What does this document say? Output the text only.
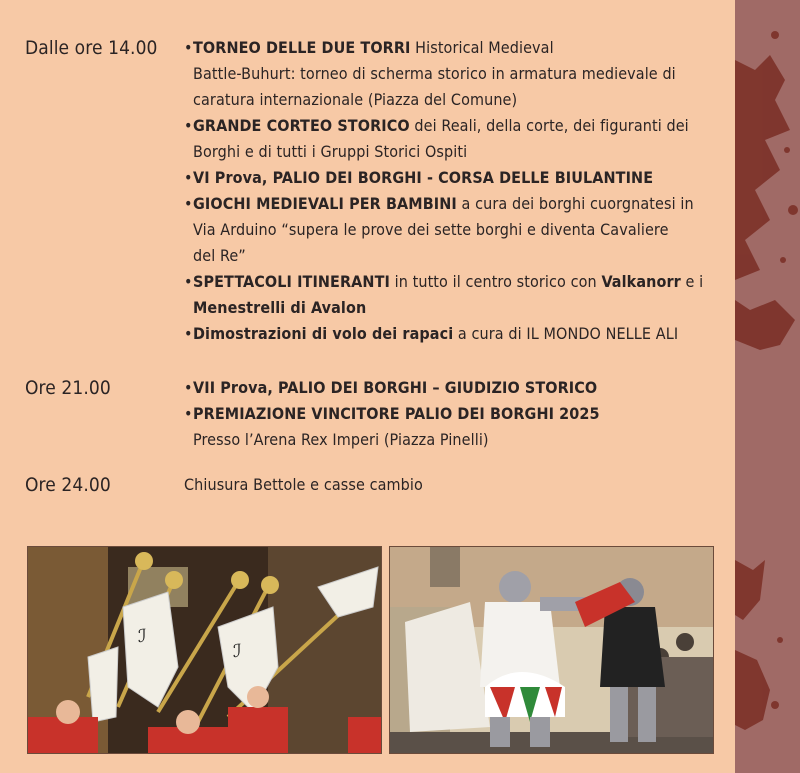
Dalle ore 14.00 • TORNEO DELLE DUE TORRI Historical Medieval
Battle-Buhurt: torneo di scherma storico in armatura medievale di
caratura internazionale (Piazza del Comune)
• GRANDE CORTEO STORICO dei Reali, della corte, dei figuranti dei
Borghi e di tutti i Gruppi Storici Ospiti
• VI Prova, PALIO DEI BORGHI - CORSA DELLE BIULANTINE
• GIOCHI MEDIEVALI PER BAMBINI a cura dei borghi cuorgnatesi in
Via Arduino “supera le prove dei sette borghi e diventa Cavaliere
del Re”
• SPETTACOLI ITINERANTI in tutto il centro storico con Valkanorr e i
Menestrelli di Avalon
• Dimostrazioni di volo dei rapaci a cura di IL MONDO NELLE ALI
Ore 21.00	• VII Prova, PALIO DEI BORGHI – GIUDIZIO STORICO
• PREMIAZIONE VINCITORE PALIO DEI BORGHI 2025
Presso l’Arena Rex Imperi (Piazza Pinelli)
Ore 24.00	Chiusura Bettole e casse cambio
ℐ
ℐ
